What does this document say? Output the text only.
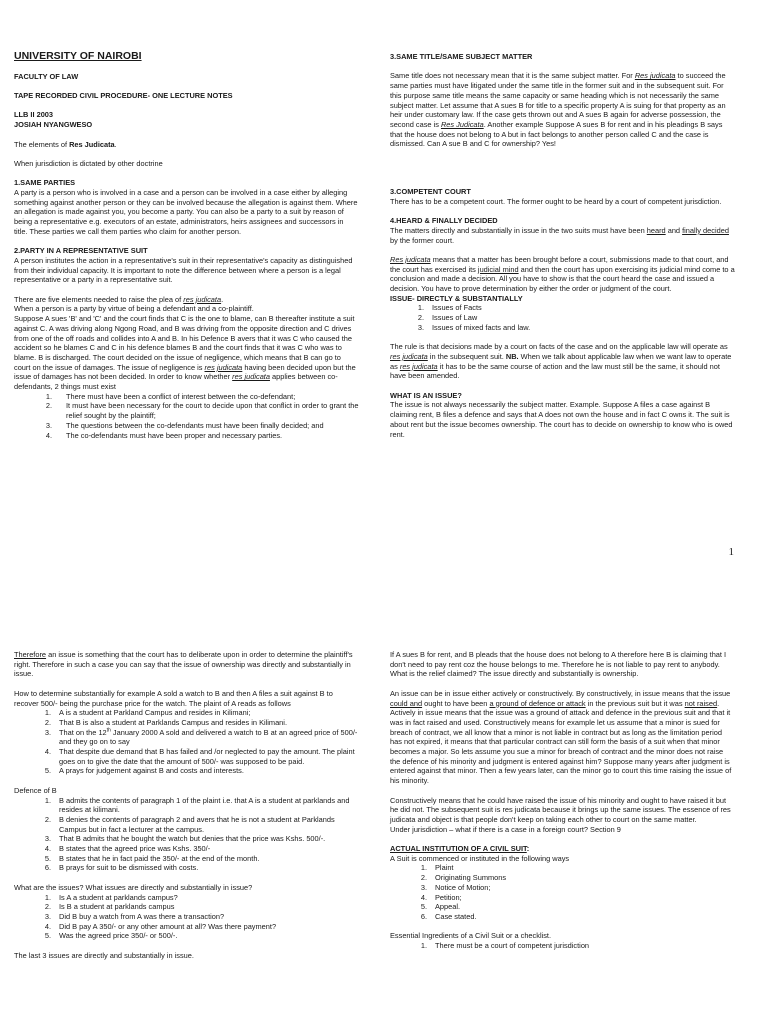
UNIVERSITY OF NAIROBI

FACULTY OF LAW

TAPE RECORDED CIVIL PROCEDURE- ONE LECTURE NOTES

LLB II 2003

JOSIAH NYANGWESO

The elements of Res Judicata.

When jurisdiction is dictated by other doctrine

1.SAME PARTIES

A party is a person who is involved in a case and a person can be involved in a case either by alleging something against another person or they can be involved because the allegation is against them. Where an allegation is made against you, you become a party. You can also be a party to a suit by reason of being a representative e.g. executors of an estate, administrators, heirs assignees and successors in title. These parties we call them parties who claim for another person.

2.PARTY IN A REPRESENTATIVE SUIT

A person institutes the action in a representative's suit in their representative's capacity as distinguished from their individual capacity. It is important to note the difference between where a person is a legal representative or a party in a representative suit.

There are five elements needed to raise the plea of res judicata.

When a person is a party by virtue of being a defendant and a co-plaintiff.

Suppose A sues 'B' and 'C' and the court finds that C is the one to blame, can B thereafter institute a suit against C. A was driving along Ngong Road, and B was driving from the opposite direction and C drives from one of the off roads and collides into A and B. In his Defence B avers that it was C who caused the accident so he blames C and C in his defence blames B and the court finds that it was C who was to blame. B is discharged. The court decided on the issue of negligence, which means that B can go to court on the issue of damages. The issue of negligence is res judicata having been decided upon but the issue of damages has not been decided. In order to know whether res judicata applies between co-defendants, 2 things must exist

1.	There must have been a conflict of interest between the co-defendant;
2.	It must have been necessary for the court to decide upon that conflict in order to grant the relief sought by the plaintiff;
3.	The questions between the co-defendants must have been finally decided; and
4.	The co-defendants must have been proper and necessary parties.

3.SAME TITLE/SAME SUBJECT MATTER

Same title does not necessary mean that it is the same subject matter. For Res judicata to succeed the same parties must have litigated under the same title in the former suit and in the subsequent suit. For this purpose same title means the same capacity or same heading which is not necessarily the same subject matter. Let assume that A sues B for title to a specific property A is suing for that property as an heir under customary law. If the case gets thrown out and A sues B again for adverse possession, the second case is Res Judicata. Another example Suppose A sues B for rent and in his pleadings B says that the house does not belong to A but in fact belongs to another person called C and the case is dismissed. Can A sue B and C for ownership? Yes!

3.COMPETENT COURT

There has to be a competent court. The former ought to be heard by a court of competent jurisdiction.

4.HEARD & FINALLY DECIDED

The matters directly and substantially in issue in the two suits must have been heard and finally decided by the former court.

Res judicata means that a matter has been brought before a court, submissions made to that court, and the court has exercised its judicial mind and then the court has upon exercising its judicial mind come to a conclusion and made a decision. All you have to show is that the court heard the case and issued a decision. You have to prove determination by either the order or judgment of the court.

ISSUE- DIRECTLY & SUBSTANTIALLY

1.	Issues of Facts
2.	Issues of Law
3.	Issues of mixed facts and law.

The rule is that decisions made by a court on facts of the case and on the applicable law will operate as res judicata in the subsequent suit. NB. When we talk about applicable law when we want law to operate as res judicata it has to be the same course of action and the law must still be the same, it should not have been amended.

WHAT IS AN ISSUE?

The issue is not always necessarily the subject matter. Example. Suppose A files a case against B claiming rent, B files a defence and says that A does not own the house and in fact C owns it. The suit is about rent but the issue becomes ownership. The court has to decide on ownership to know who is owed rent.

1

Therefore an issue is something that the court has to deliberate upon in order to determine the plaintiff's right. Therefore in such a case you can say that the issue of ownership was directly and substantially in issue.

How to determine substantially for example A sold a watch to B and then A files a suit against B to recover 500/- being the purchase price for the watch. The plaint of A reads as follows

1.	A is a student at Parkland Campus and resides in Kilimani;
2.	That B is also a student at Parklands Campus and resides in Kilimani.
3.	That on the 12th January 2000 A sold and delivered a watch to B at an agreed price of 500/- and they go on to say
4.	That despite due demand that B has failed and /or neglected to pay the amount. The plaint goes on to give the date that the amount of 500/- was supposed to be paid.
5.	A prays for judgement against B and costs and interests.

Defence of B

1.	B admits the contents of paragraph 1 of the plaint i.e. that A is a student at parklands and resides at kilimani.
2.	B denies the contents of paragraph 2 and avers that he is not a student at Parklands Campus but in fact a lecturer at the campus.
3.	That B admits that he bought the watch but denies that the price was Kshs. 500/-.
4.	B states that the agreed price was Kshs. 350/-
5.	B states that he in fact paid the 350/- at the end of the month.
6.	B prays for suit to be dismissed with costs.

What are the issues? What issues are directly and substantially in issue?

1.	Is A a student at parklands campus?
2.	Is B a student at parklands campus
3.	Did B buy a watch from A was there a transaction?
4.	Did B pay A 350/- or any other amount at all? Was there payment?
5.	Was the agreed price 350/- or 500/-.

The last 3 issues are directly and substantially in issue.

If A sues B for rent, and B pleads that the house does not belong to A therefore here B is claiming that I don't need to pay rent coz the house belongs to me. Therefore he is not liable to pay rent to anybody. What is the relief claimed? The issue directly and substantially is ownership.

An issue can be in issue either actively or constructively. By constructively, in issue means that the issue could and ought to have been a ground of defence or attack in the previous suit but it was not raised. Actively in issue means that the issue was a ground of attack and defence in the previous suit and that it was in fact raised and used. Constructively means for example let us assume that a minor is sued for breach of contract, we all know that a minor is not liable in contract but as long as the limitation period has not expired, it means that that particular contract can still form the basis of a suit when that minor becomes a major. So lets assume you sue a minor for breach of contract and the minor does not raise the defence of his minority and judgment is entered against him? Suppose many years after judgment is entered against that minor. Then a few years later, can the minor go to court this time raising the issue of his minority.

Constructively means that he could have raised the issue of his minority and ought to have raised it but he did not. The subsequent suit is res judicata because it brings up the same issues. The essence of res judicata and object is that people don't keep on taking each other to court on the same matter.

Under jurisdiction – what if there is a case in a foreign court? Section 9

ACTUAL INSTITUTION OF A CIVIL SUIT:

A Suit is commenced or instituted in the following ways

1.	Plaint
2.	Originating Summons
3.	Notice of Motion;
4.	Petition;
5.	Appeal.
6.	Case stated.

Essential Ingredients of a Civil Suit or a checklist.

1.	There must be a court of competent jurisdiction
